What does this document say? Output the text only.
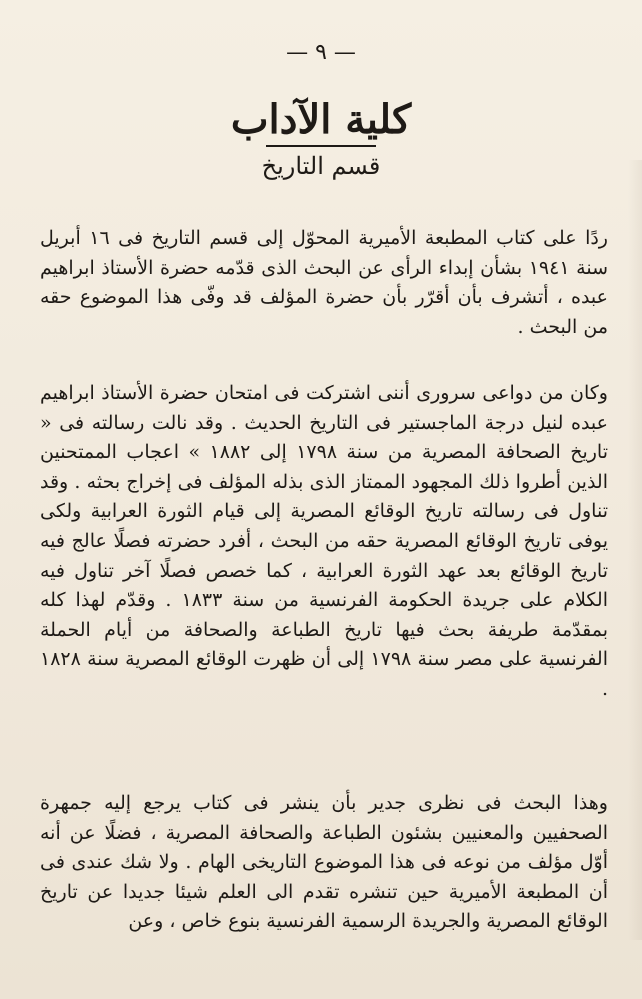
— ٩ —
كلية الآداب
قسم التاريخ

ردًا على كتاب المطبعة الأميرية المحوّل إلى قسم التاريخ فى ١٦ أبريل سنة ١٩٤١ بشأن إبداء الرأى عن البحث الذى قدّمه حضرة الأستاذ ابراهيم عبده ، أتشرف بأن أقرّر بأن حضرة المؤلف قد وفّى هذا الموضوع حقه من البحث .

وكان من دواعى سرورى أننى اشتركت فى امتحان حضرة الأستاذ ابراهيم عبده لنيل درجة الماجستير فى التاريخ الحديث . وقد نالت رسالته فى « تاريخ الصحافة المصرية من سنة ١٧٩٨ إلى ١٨٨٢ » اعجاب الممتحنين الذين أطروا ذلك المجهود الممتاز الذى بذله المؤلف فى إخراج بحثه . وقد تناول فى رسالته تاريخ الوقائع المصرية إلى قيام الثورة العرابية ولكى يوفى تاريخ الوقائع المصرية حقه من البحث ، أفرد حضرته فصلًا عالج فيه تاريخ الوقائع بعد عهد الثورة العرابية ، كما خصص فصلًا آخر تناول فيه الكلام على جريدة الحكومة الفرنسية من سنة ١٨٣٣ . وقدّم لهذا كله بمقدّمة طريفة بحث فيها تاريخ الطباعة والصحافة من أيام الحملة الفرنسية على مصر سنة ١٧٩٨ إلى أن ظهرت الوقائع المصرية سنة ١٨٢٨ .

وهذا البحث فى نظرى جدير بأن ينشر فى كتاب يرجع إليه جمهرة الصحفيين والمعنيين بشئون الطباعة والصحافة المصرية ، فضلًا عن أنه أوّل مؤلف من نوعه فى هذا الموضوع التاريخى الهام . ولا شك عندى فى أن المطبعة الأميرية حين تنشره تقدم الى العلم شيئا جديدا عن تاريخ الوقائع المصرية والجريدة الرسمية الفرنسية بنوع خاص ، وعن
